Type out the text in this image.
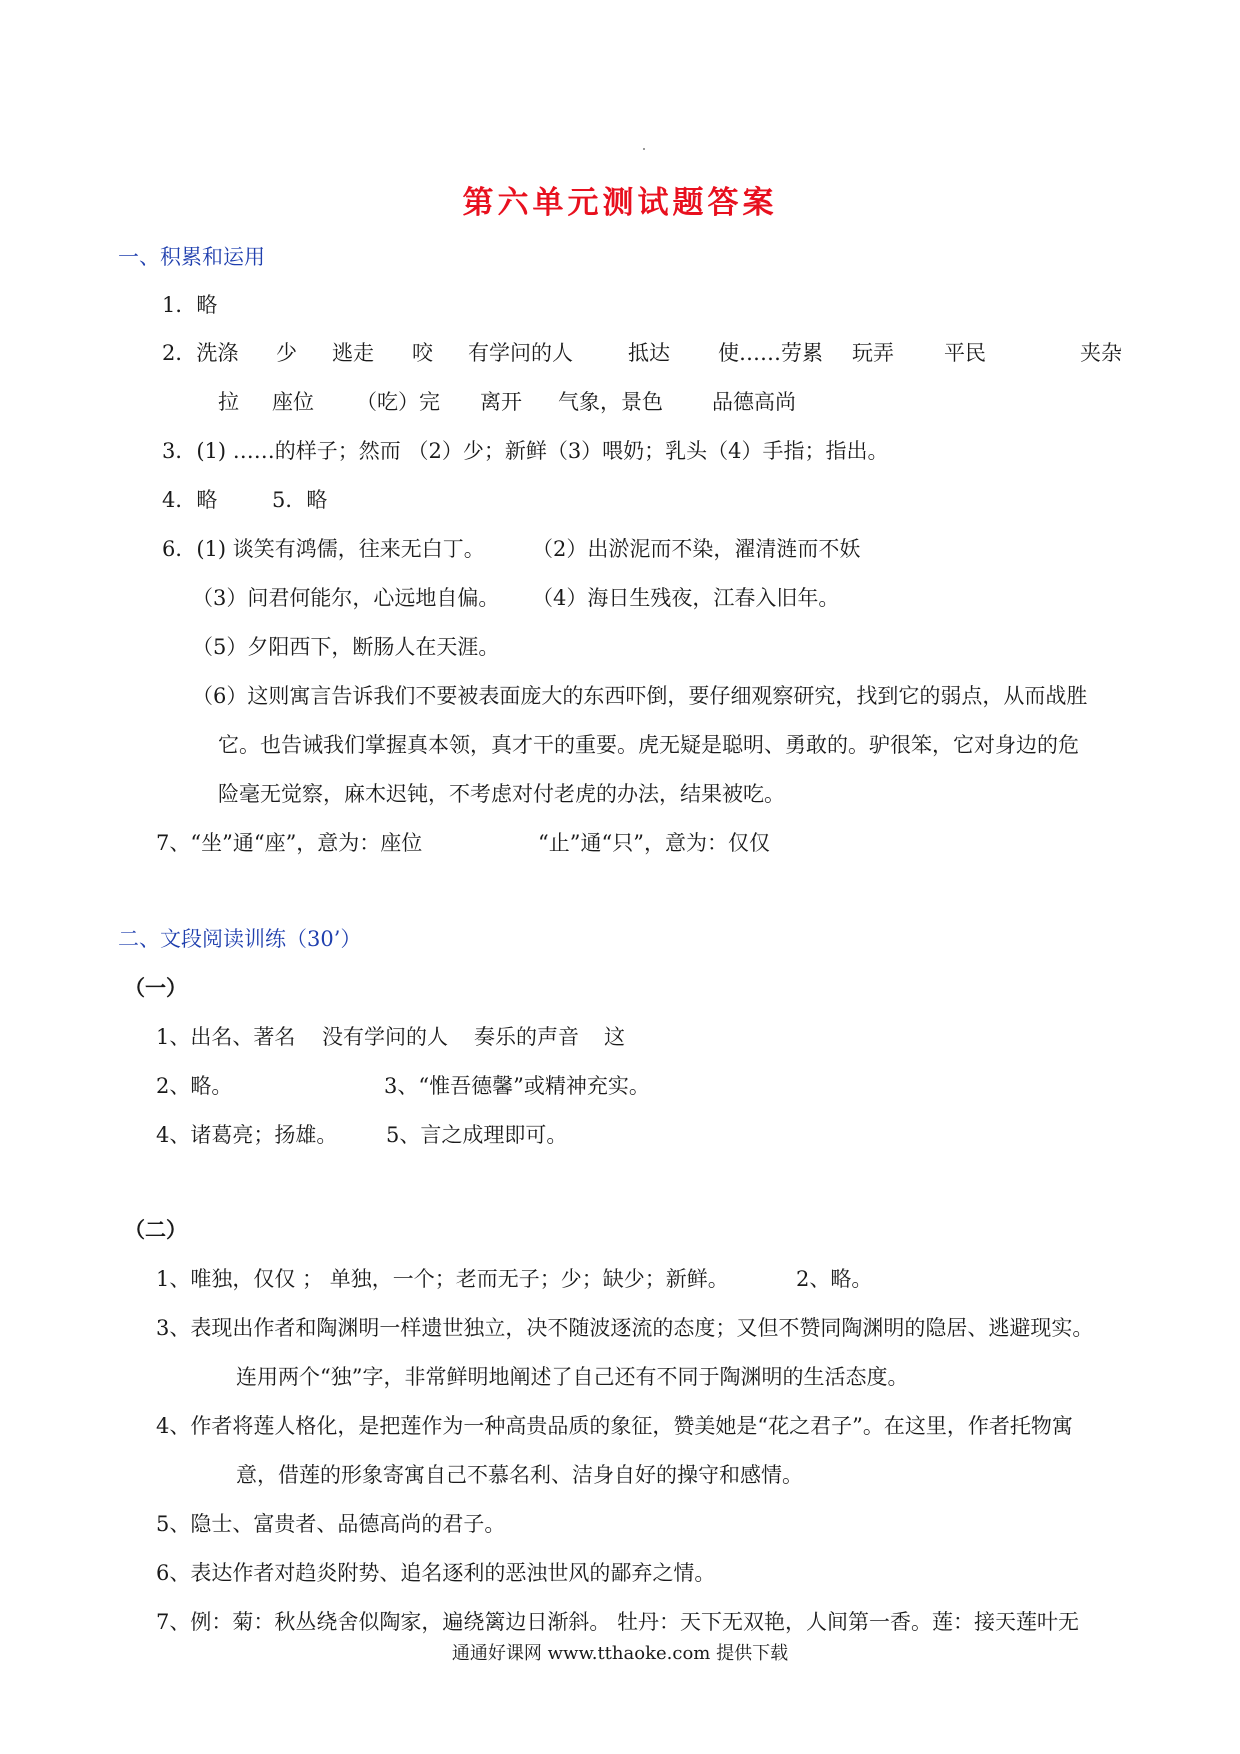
第六单元测试题答案
一、积累和运用
1．略
2．洗涤 少 逃走 咬 有学问的人	抵达 使……劳累 玩弄 平民	夹杂
拉 座位 （吃）完 离开 气象，景色 品德高尚
3．(1) ……的样子；然而 （2）少；新鲜（3）喂奶；乳头（4）手指；指出。
4．略	5．略
6．(1) 谈笑有鸿儒，往来无白丁。 （2）出淤泥而不染，濯清涟而不妖
（3）问君何能尔，心远地自偏。 （4）海日生残夜，江春入旧年。
（5）夕阳西下，断肠人在天涯。
（6）这则寓言告诉我们不要被表面庞大的东西吓倒，要仔细观察研究，找到它的弱点，从而战胜
它。也告诫我们掌握真本领，真才干的重要。虎无疑是聪明、勇敢的。驴很笨，它对身边的危
险毫无觉察，麻木迟钝，不考虑对付老虎的办法，结果被吃。
7、“坐”通“座”，意为：座位	“止”通“只”，意为：仅仅
二、文段阅读训练（30’）
（一）
1、出名、著名 没有学问的人 奏乐的声音 这
2、略。	3、“惟吾德馨”或精神充实。
4、诸葛亮；扬雄。 5、言之成理即可。
（二）
1、唯独，仅仅 ； 单独，一个；老而无子；少；缺少；新鲜。	2、略。
3、表现出作者和陶渊明一样遗世独立，决不随波逐流的态度；又但不赞同陶渊明的隐居、逃避现实。
连用两个“独”字，非常鲜明地阐述了自己还有不同于陶渊明的生活态度。
4、作者将莲人格化，是把莲作为一种高贵品质的象征，赞美她是“花之君子”。在这里，作者托物寓
意，借莲的形象寄寓自己不慕名利、洁身自好的操守和感情。
5、隐士、富贵者、品德高尚的君子。
6、表达作者对趋炎附势、追名逐利的恶浊世风的鄙弃之情。
7、例：菊：秋丛绕舍似陶家，遍绕篱边日渐斜。 牡丹：天下无双艳，人间第一香。莲：接天莲叶无
通通好课网 www.tthaoke.com 提供下载
